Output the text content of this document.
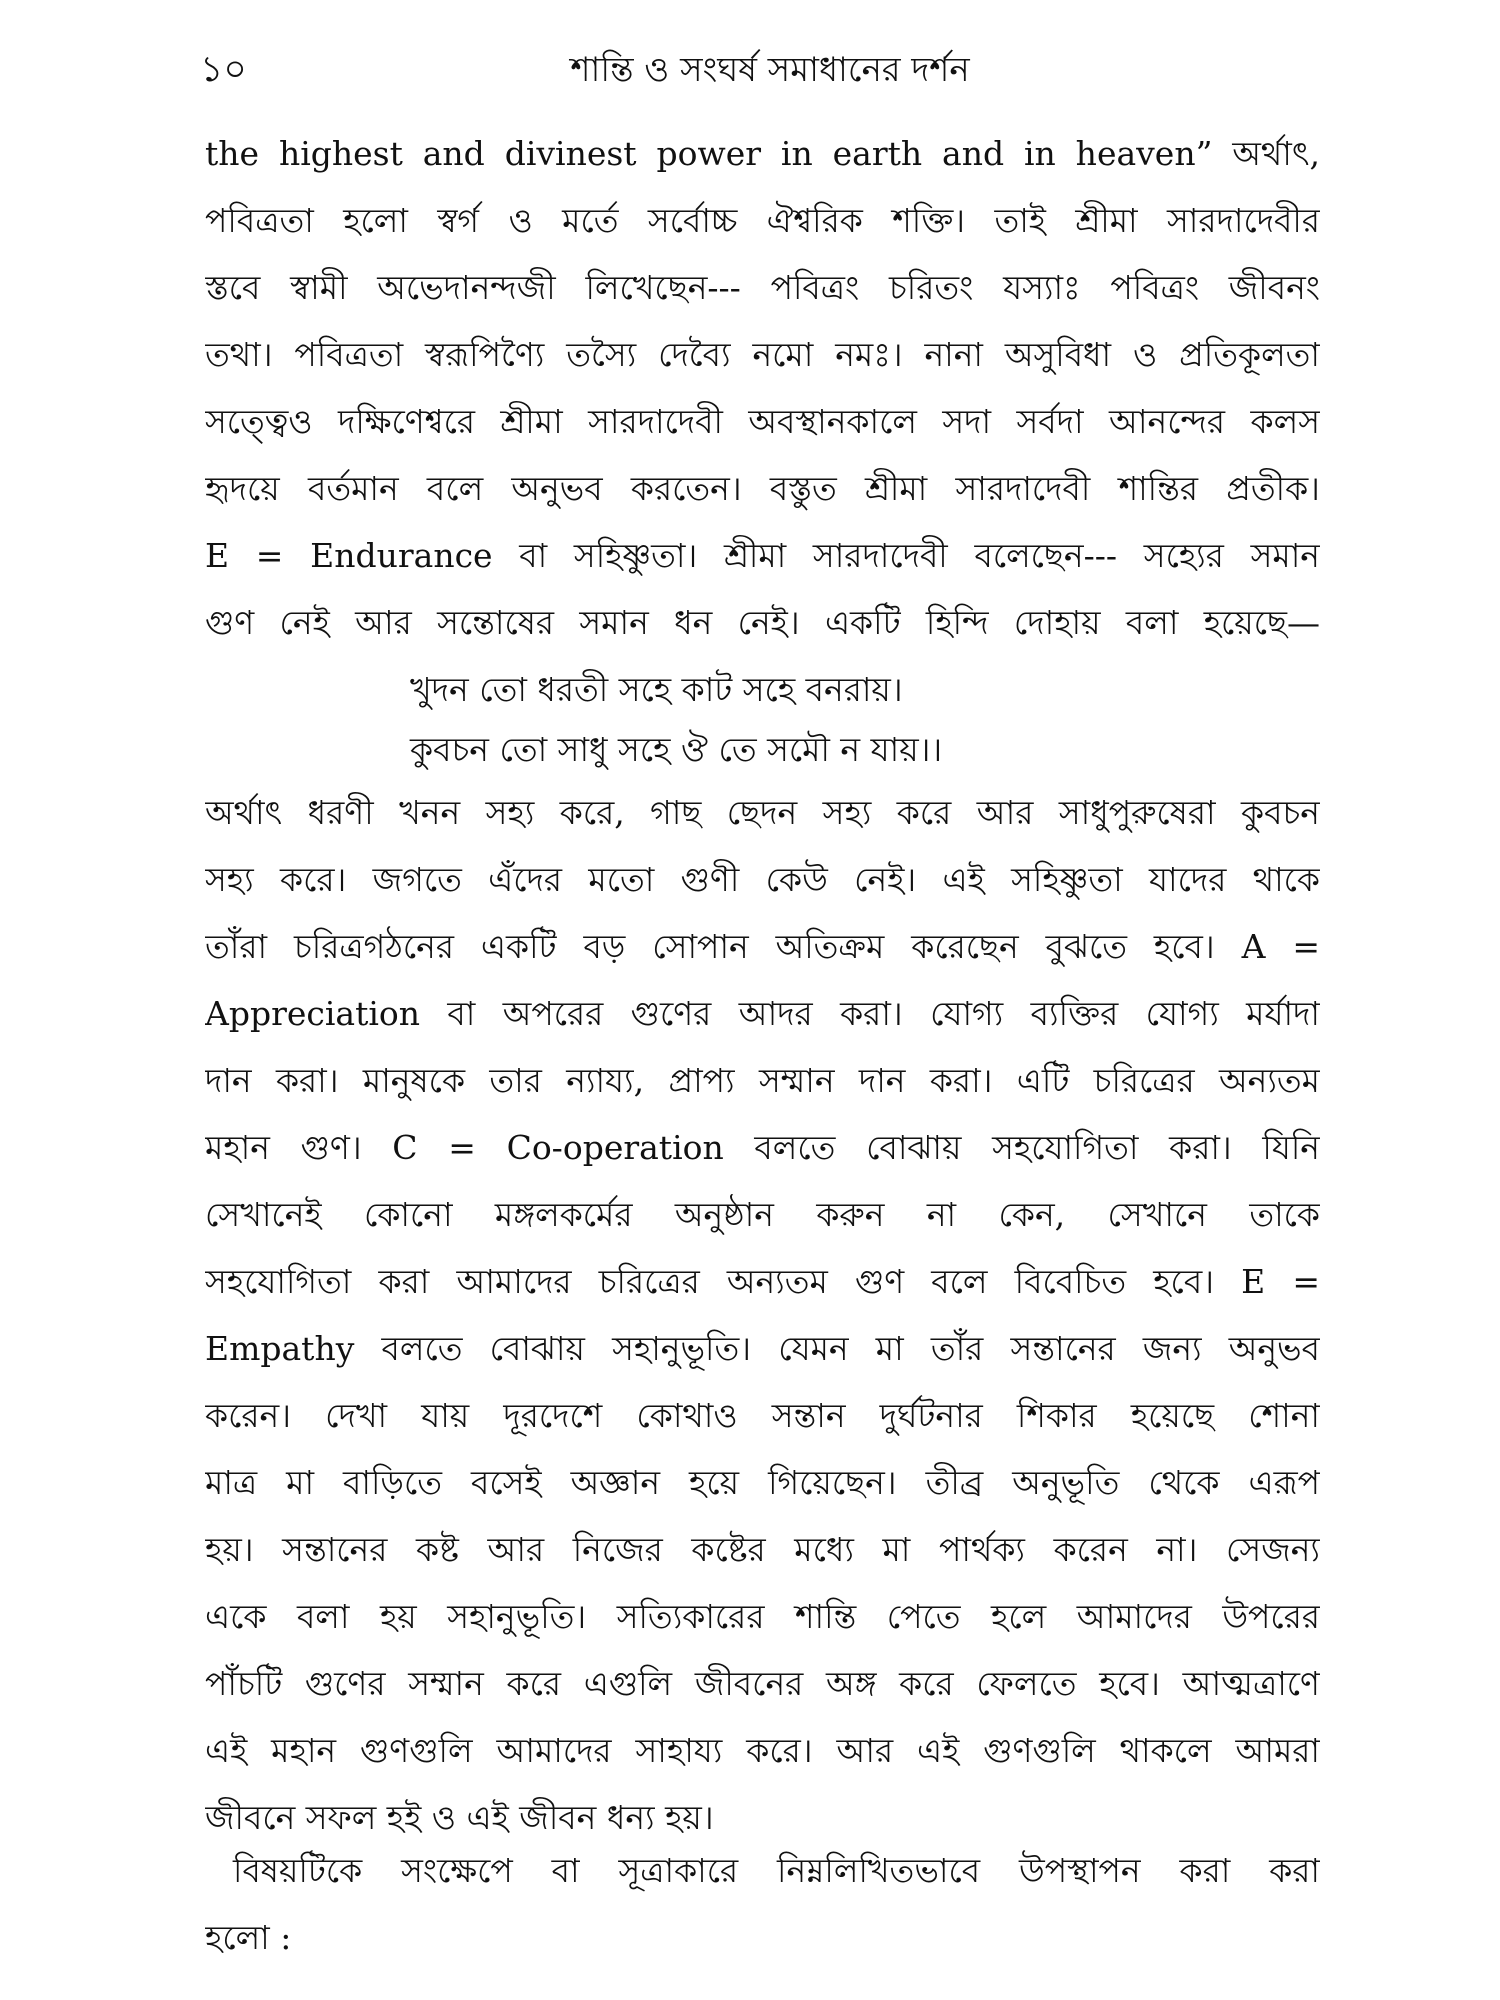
১০	শান্তি ও সংঘর্ষ সমাধানের দর্শন
the highest and divinest power in earth and in heaven” অর্থাৎ,
পবিত্রতা হলো স্বর্গ ও মর্তে সর্বোচ্চ ঐশ্বরিক শক্তি। তাই শ্রীমা সারদাদেবীর
স্তবে স্বামী অভেদানন্দজী লিখেছেন--- পবিত্রং চরিতং যস্যাঃ পবিত্রং জীবনং
তথা। পবিত্রতা স্বরূপিণ্যৈ তস্যৈ দেব্যৈ নমো নমঃ। নানা অসুবিধা ও প্রতিকূলতা
সত্ত্বেও দক্ষিণেশ্বরে শ্রীমা সারদাদেবী অবস্থানকালে সদা সর্বদা আনন্দের কলস
হৃদয়ে বর্তমান বলে অনুভব করতেন। বস্তুত শ্রীমা সারদাদেবী শান্তির প্রতীক।
E = Endurance বা সহিষ্ণুতা। শ্রীমা সারদাদেবী বলেছেন--- সহ্যের সমান
গুণ নেই আর সন্তোষের সমান ধন নেই। একটি হিন্দি দোহায় বলা হয়েছে—
খুদন তো ধরতী সহে কাট সহে বনরায়।
কুবচন তো সাধু সহে ঔ তে সমৌ ন যায়।।
অর্থাৎ ধরণী খনন সহ্য করে, গাছ ছেদন সহ্য করে আর সাধুপুরুষেরা কুবচন
সহ্য করে। জগতে এঁদের মতো গুণী কেউ নেই। এই সহিষ্ণুতা যাদের থাকে
তাঁরা চরিত্রগঠনের একটি বড় সোপান অতিক্রম করেছেন বুঝতে হবে। A =
Appreciation বা অপরের গুণের আদর করা। যোগ্য ব্যক্তির যোগ্য মর্যাদা
দান করা। মানুষকে তার ন্যায্য, প্রাপ্য সম্মান দান করা। এটি চরিত্রের অন্যতম
মহান গুণ। C = Co-operation বলতে বোঝায় সহযোগিতা করা। যিনি
সেখানেই কোনো মঙ্গলকর্মের অনুষ্ঠান করুন না কেন, সেখানে তাকে
সহযোগিতা করা আমাদের চরিত্রের অন্যতম গুণ বলে বিবেচিত হবে। E =
Empathy বলতে বোঝায় সহানুভূতি। যেমন মা তাঁর সন্তানের জন্য অনুভব
করেন। দেখা যায় দূরদেশে কোথাও সন্তান দুর্ঘটনার শিকার হয়েছে শোনা
মাত্র মা বাড়িতে বসেই অজ্ঞান হয়ে গিয়েছেন। তীব্র অনুভূতি থেকে এরূপ
হয়। সন্তানের কষ্ট আর নিজের কষ্টের মধ্যে মা পার্থক্য করেন না। সেজন্য
একে বলা হয় সহানুভূতি। সত্যিকারের শান্তি পেতে হলে আমাদের উপরের
পাঁচটি গুণের সম্মান করে এগুলি জীবনের অঙ্গ করে ফেলতে হবে। আত্মত্রাণে
এই মহান গুণগুলি আমাদের সাহায্য করে। আর এই গুণগুলি থাকলে আমরা
জীবনে সফল হই ও এই জীবন ধন্য হয়।
বিষয়টিকে সংক্ষেপে বা সূত্রাকারে নিম্নলিখিতভাবে উপস্থাপন করা করা
হলো :
